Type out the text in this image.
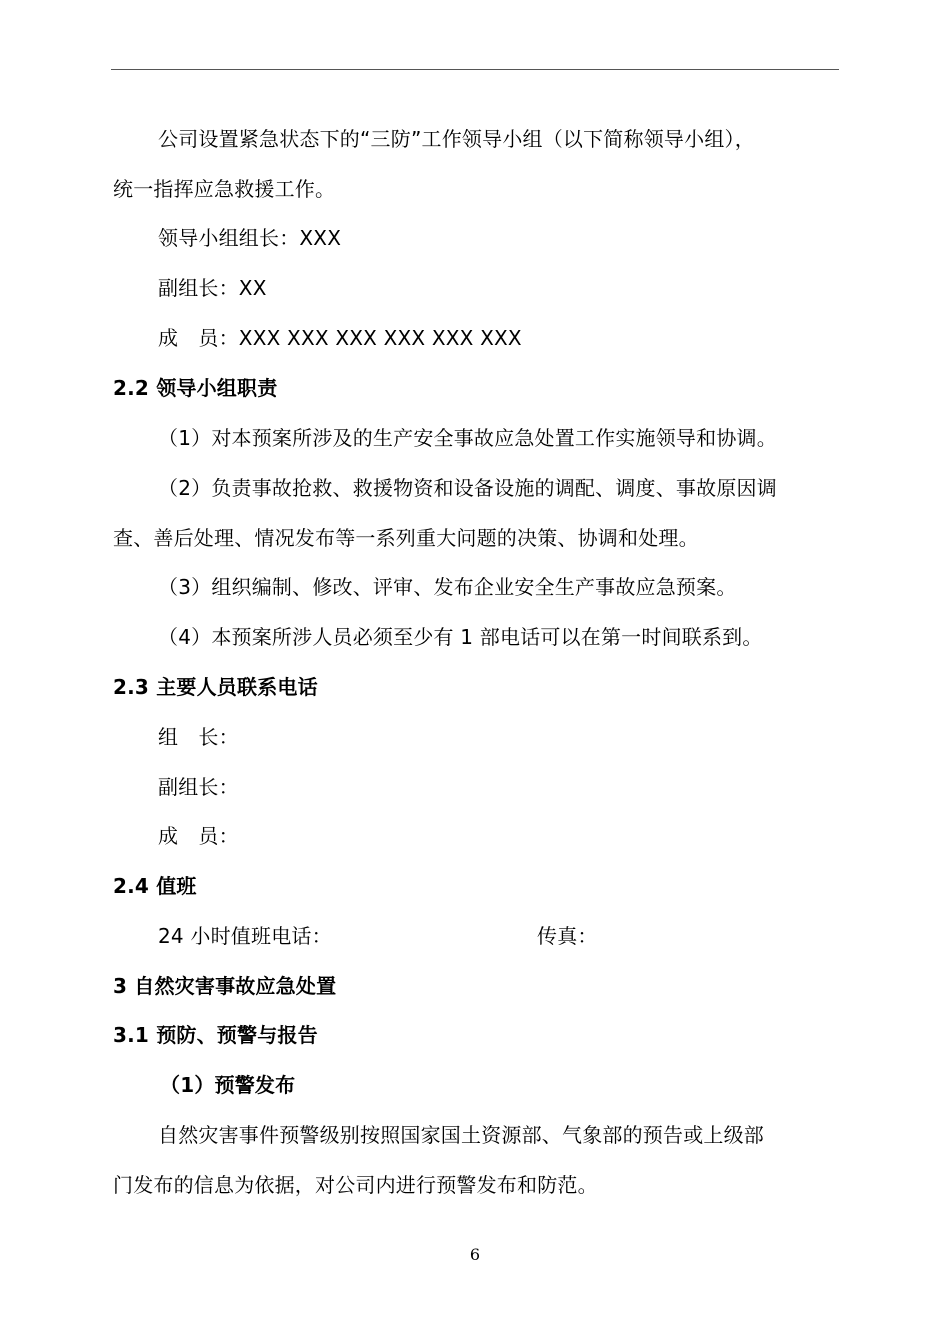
公司设置紧急状态下的“三防”工作领导小组（以下简称领导小组），
统一指挥应急救援工作。
领导小组组长：XXX
副组长：XX
成　员：XXX XXX XXX XXX XXX XXX
2.2 领导小组职责
（1）对本预案所涉及的生产安全事故应急处置工作实施领导和协调。
（2）负责事故抢救、救援物资和设备设施的调配、调度、事故原因调
查、善后处理、情况发布等一系列重大问题的决策、协调和处理。
（3）组织编制、修改、评审、发布企业安全生产事故应急预案。
（4）本预案所涉人员必须至少有 1 部电话可以在第一时间联系到。
2.3 主要人员联系电话
组　长：
副组长：
成　员：
2.4 值班
24 小时值班电话：	传真：
3 自然灾害事故应急处置
3.1 预防、预警与报告
（1）预警发布
自然灾害事件预警级别按照国家国土资源部、气象部的预告或上级部
门发布的信息为依据，对公司内进行预警发布和防范。
6
